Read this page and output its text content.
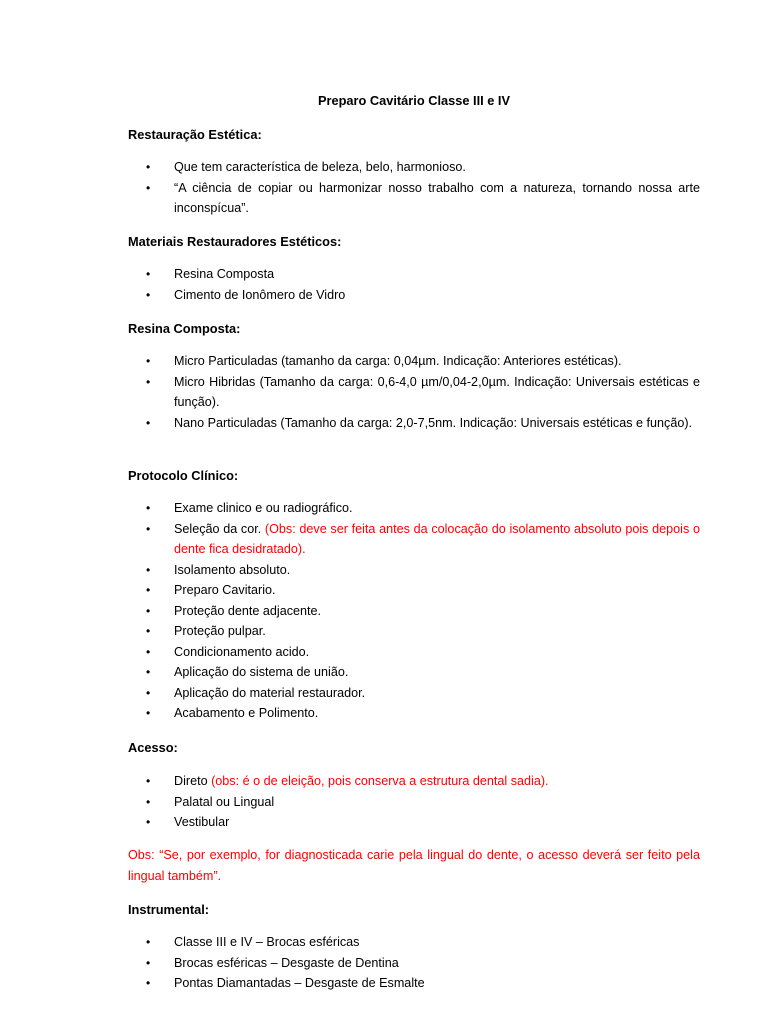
Preparo Cavitário Classe III e IV

Restauração Estética:

• Que tem característica de beleza, belo, harmonioso.
• “A ciência de copiar ou harmonizar nosso trabalho com a natureza, tornando nossa arte inconspícua”.

Materiais Restauradores Estéticos:

• Resina Composta
• Cimento de Ionômero de Vidro

Resina Composta:

• Micro Particuladas (tamanho da carga: 0,04µm. Indicação: Anteriores estéticas).
• Micro Hibridas (Tamanho da carga: 0,6-4,0 µm/0,04-2,0µm. Indicação: Universais estéticas e função).
• Nano Particuladas (Tamanho da carga: 2,0-7,5nm. Indicação: Universais estéticas e função).

Protocolo Clínico:

• Exame clinico e ou radiográfico.
• Seleção da cor. (Obs: deve ser feita antes da colocação do isolamento absoluto pois depois o dente fica desidratado).
• Isolamento absoluto.
• Preparo Cavitario.
• Proteção dente adjacente.
• Proteção pulpar.
• Condicionamento acido.
• Aplicação do sistema de união.
• Aplicação do material restaurador.
• Acabamento e Polimento.

Acesso:

• Direto (obs: é o de eleição, pois conserva a estrutura dental sadia).
• Palatal ou Lingual
• Vestibular

Obs: “Se, por exemplo, for diagnosticada carie pela lingual do dente, o acesso deverá ser feito pela lingual também”.

Instrumental:

• Classe III e IV – Brocas esféricas
• Brocas esféricas – Desgaste de Dentina
• Pontas Diamantadas – Desgaste de Esmalte
